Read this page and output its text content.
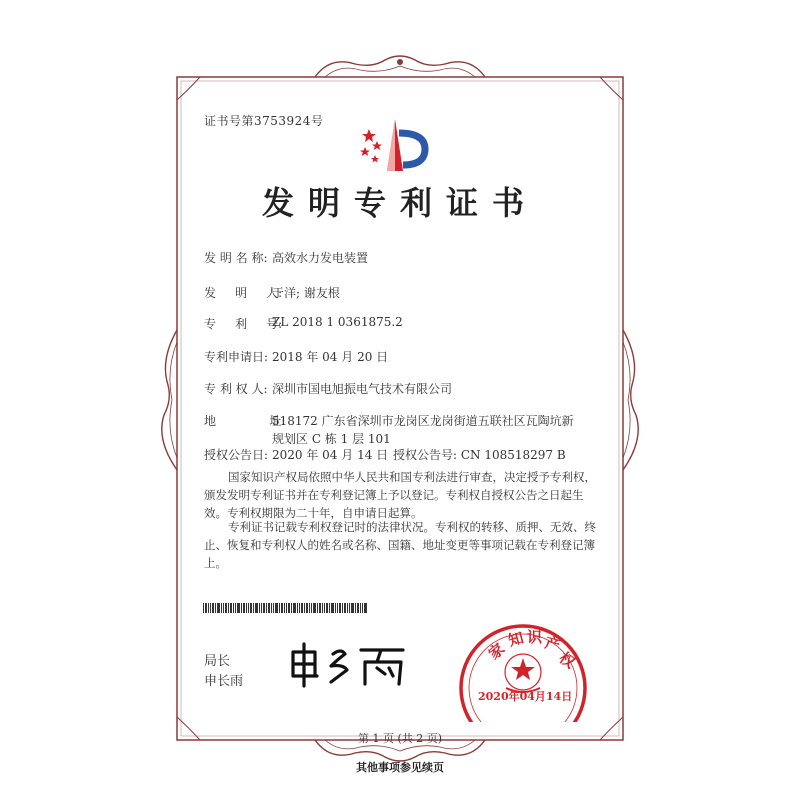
证书号第3753924号
发明专利证书
发 明 名 称: 高效水力发电装置
发     明     人:
于洋; 谢友根
专     利     号:
ZL 2018 1 0361875.2
专利申请日: 2018 年 04 月 20 日
专 利 权 人: 深圳市国电旭振电气技术有限公司
地              址:
518172 广东省深圳市龙岗区龙岗街道五联社区瓦陶坑新
规划区 C 栋 1 层 101
授权公告日: 2020 年 04 月 14 日 授权公告号: CN 108518297 B
国家知识产权局依照中华人民共和国专利法进行审查，决定授予专利权，颁发发明专利证书并在专利登记簿上予以登记。专利权自授权公告之日起生效。专利权期限为二十年，自申请日起算。
专利证书记载专利权登记时的法律状况。专利权的转移、质押、无效、终止、恢复和专利权人的姓名或名称、国籍、地址变更等事项记载在专利登记簿上。
局长
申长雨
家
知 识 产
权
2020年04月14日
第 1 页 (共 2 页)
其他事项参见续页
